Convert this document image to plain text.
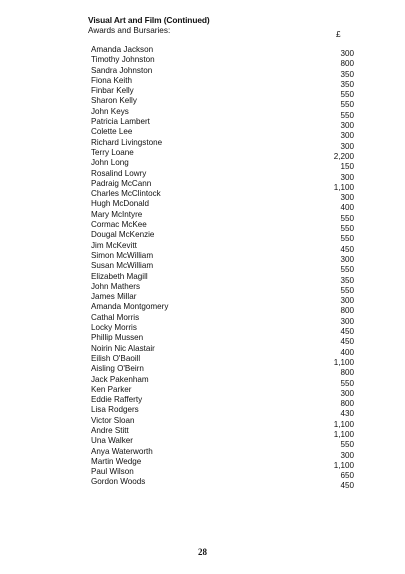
Visual Art and Film (Continued)
Awards and Bursaries:	£
Amanda Jackson	300
Timothy Johnston	800
Sandra Johnston	350
Fiona Keith	350
Finbar Kelly	550
Sharon Kelly	550
John Keys	550
Patricia Lambert	300
Colette Lee	300
Richard Livingstone	300
Terry Loane	2,200
John Long	150
Rosalind Lowry	300
Padraig McCann	1,100
Charles McClintock	300
Hugh McDonald	400
Mary McIntyre	550
Cormac McKee	550
Dougal McKenzie	550
Jim McKevitt	450
Simon McWilliam	300
Susan McWilliam	550
Elizabeth Magill	350
John Mathers	550
James Millar	300
Amanda Montgomery	800
Cathal Morris	300
Locky Morris	450
Phillip Mussen	450
Noirin Nic Alastair	400
Eilish O'Baoill	1,100
Aisling O'Beirn	800
Jack Pakenham	550
Ken Parker	300
Eddie Rafferty	800
Lisa Rodgers	430
Victor Sloan	1,100
Andre Stitt	1,100
Una Walker	550
Anya Waterworth	300
Martin Wedge	1,100
Paul Wilson	650
Gordon Woods	450
28
